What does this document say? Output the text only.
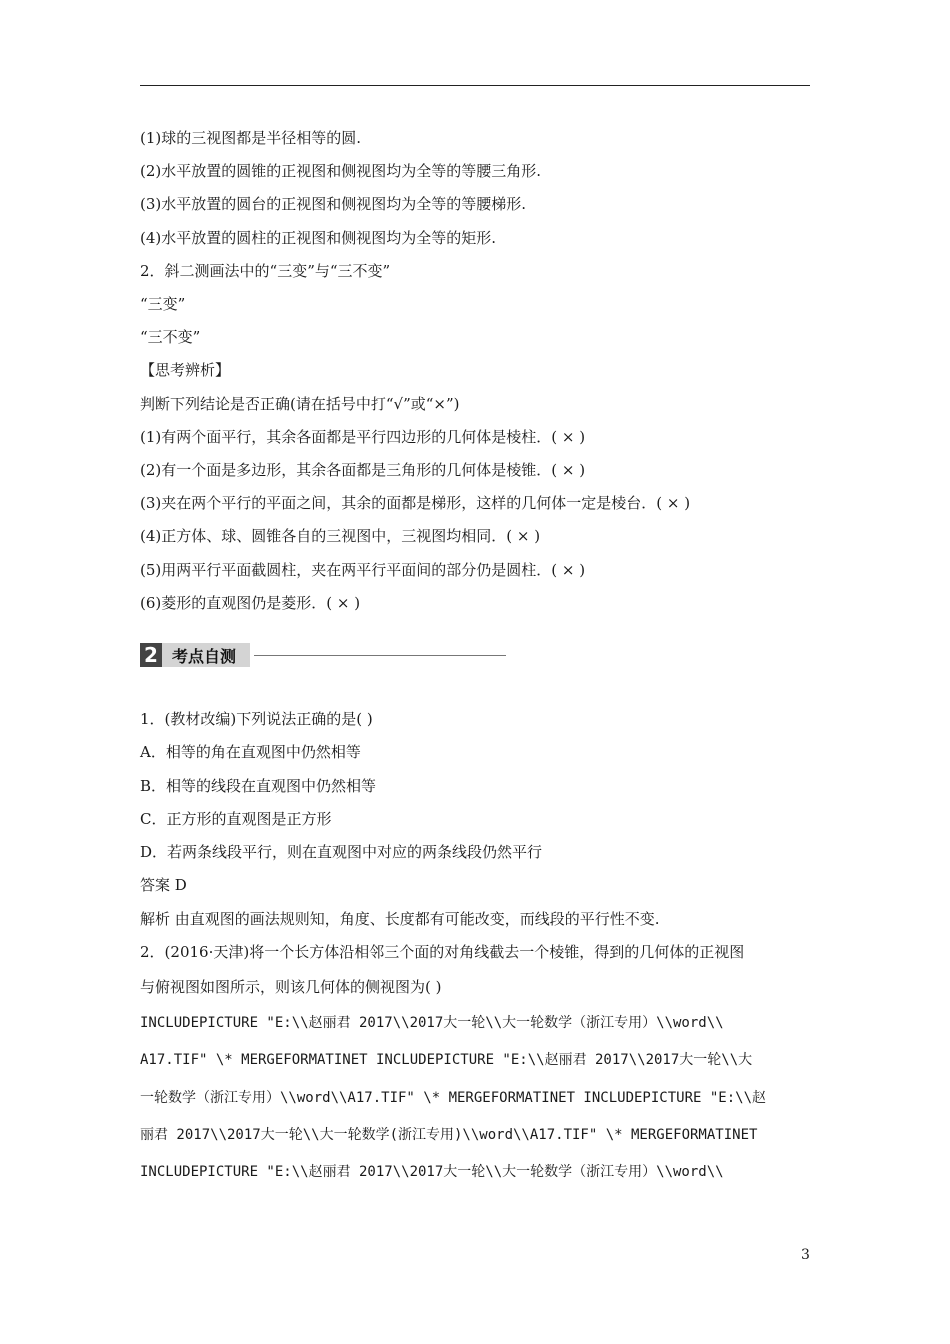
(1)球的三视图都是半径相等的圆.
(2)水平放置的圆锥的正视图和侧视图均为全等的等腰三角形.
(3)水平放置的圆台的正视图和侧视图均为全等的等腰梯形.
(4)水平放置的圆柱的正视图和侧视图均为全等的矩形.
2．斜二测画法中的“三变”与“三不变”
“三变”
“三不变”
【思考辨析】
判断下列结论是否正确(请在括号中打“√”或“×”)
(1)有两个面平行，其余各面都是平行四边形的几何体是棱柱．( × )
(2)有一个面是多边形，其余各面都是三角形的几何体是棱锥．( × )
(3)夹在两个平行的平面之间，其余的面都是梯形，这样的几何体一定是棱台．( × )
(4)正方体、球、圆锥各自的三视图中，三视图均相同．( × )
(5)用两平行平面截圆柱，夹在两平行平面间的部分仍是圆柱．( × )
(6)菱形的直观图仍是菱形．( × )
2 考点自测
1．(教材改编)下列说法正确的是( )
A．相等的角在直观图中仍然相等
B．相等的线段在直观图中仍然相等
C．正方形的直观图是正方形
D．若两条线段平行，则在直观图中对应的两条线段仍然平行
答案 D
解析 由直观图的画法规则知，角度、长度都有可能改变，而线段的平行性不变.
2．(2016·天津)将一个长方体沿相邻三个面的对角线截去一个棱锥，得到的几何体的正视图
与俯视图如图所示，则该几何体的侧视图为( )
INCLUDEPICTURE "E:\\赵丽君 2017\\2017大一轮\\大一轮数学（浙江专用）\\word\\
A17.TIF" \* MERGEFORMATINET INCLUDEPICTURE "E:\\赵丽君 2017\\2017大一轮\\大
一轮数学（浙江专用）\\word\\A17.TIF" \* MERGEFORMATINET INCLUDEPICTURE "E:\\赵
丽君 2017\\2017大一轮\\大一轮数学(浙江专用)\\word\\A17.TIF" \* MERGEFORMATINET
INCLUDEPICTURE "E:\\赵丽君 2017\\2017大一轮\\大一轮数学（浙江专用）\\word\\
3
